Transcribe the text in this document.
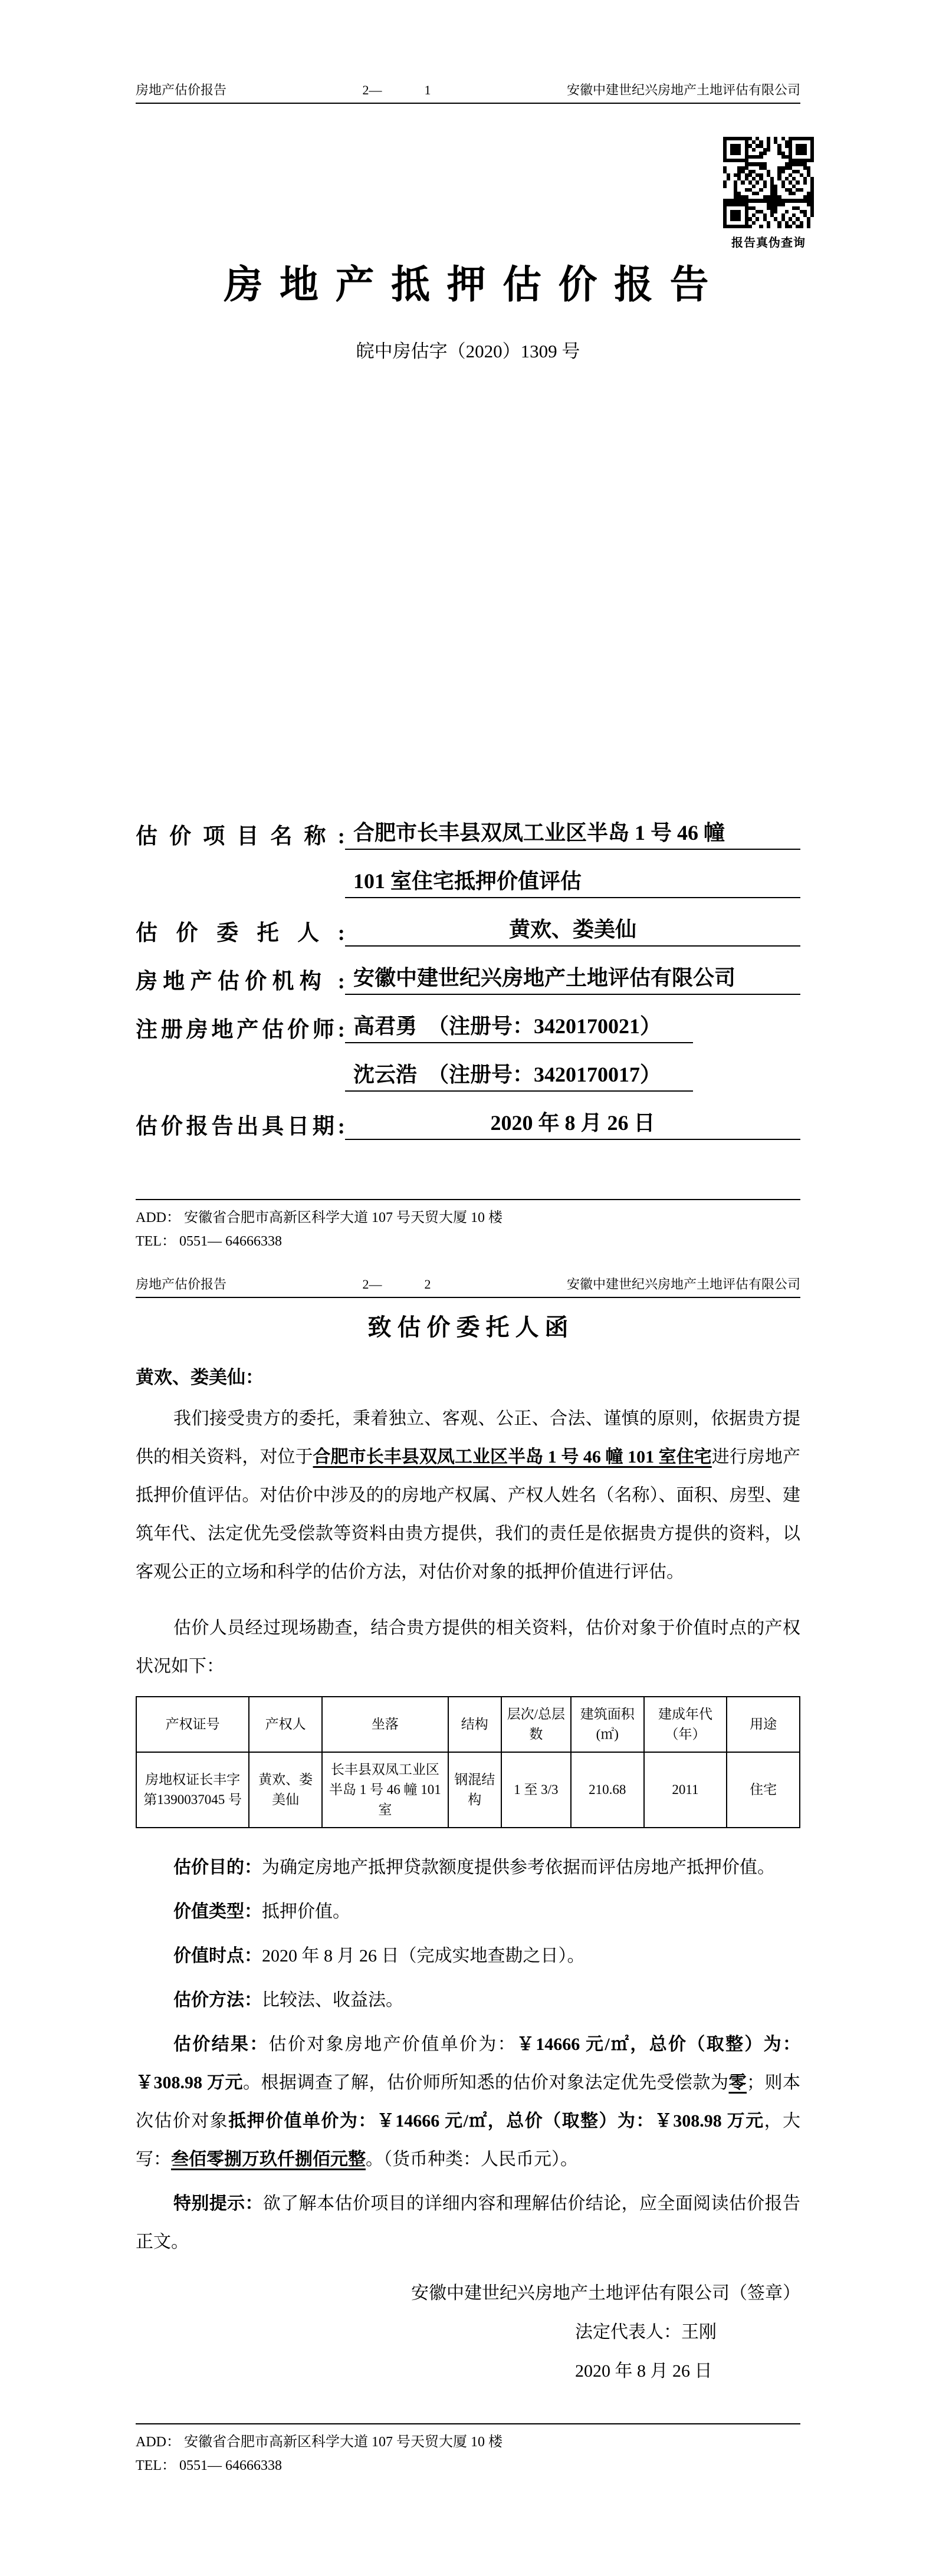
房地产估价报告	2—	1	安徽中建世纪兴房地产土地评估有限公司
房 地 产 抵 押 估 价 报 告
皖中房估字（2020）1309 号
估 价 项 目 名 称 : 合肥市长丰县双凤工业区半岛 1 号 46 幢
101 室住宅抵押价值评估
估 价 委 托 人 :	黄欢、娄美仙
房地产估价机构 : 安徽中建世纪兴房地产土地评估有限公司
注册房地产估价师: 高君勇　（注册号：3420170021）
沈云浩　（注册号：3420170017）
估价报告出具日期:	2020 年 8 月 26 日
ADD： 安徽省合肥市高新区科学大道 107 号天贸大厦 10 楼
TEL： 0551— 64666338
房地产估价报告	2—	2	安徽中建世纪兴房地产土地评估有限公司
致 估 价 委 托 人 函
黄欢、娄美仙：

我们接受贵方的委托，秉着独立、客观、公正、合法、谨慎的原则，依据贵方提供的相关资料，对位于合肥市长丰县双凤工业区半岛 1 号 46 幢 101 室住宅进行房地产抵押价值评估。对估价中涉及的的房地产权属、产权人姓名（名称）、面积、房型、建筑年代、法定优先受偿款等资料由贵方提供，我们的责任是依据贵方提供的资料，以客观公正的立场和科学的估价方法，对估价对象的抵押价值进行评估。

估价人员经过现场勘查，结合贵方提供的相关资料，估价对象于价值时点的产权状况如下：

产权证号	产权人	坐落	结构	层次/总层数	建筑面积(㎡)	建成年代（年）	用途
房地权证长丰字第1390037045 号	黄欢、娄美仙	长丰县双凤工业区半岛 1 号 46 幢 101 室	钢混结构	1 至 3/3	210.68	2011	住宅

估价目的：为确定房地产抵押贷款额度提供参考依据而评估房地产抵押价值。

价值类型：抵押价值。

价值时点：2020 年 8 月 26 日（完成实地查勘之日）。

估价方法：比较法、收益法。

估价结果：估价对象房地产价值单价为：￥14666 元/㎡，总价（取整）为：￥308.98 万元。根据调查了解，估价师所知悉的估价对象法定优先受偿款为零；则本次估价对象抵押价值单价为：￥14666 元/㎡，总价（取整）为：￥308.98 万元，大写：叁佰零捌万玖仟捌佰元整。（货币种类：人民币元）。

特别提示：欲了解本估价项目的详细内容和理解估价结论，应全面阅读估价报告正文。

安徽中建世纪兴房地产土地评估有限公司（签章）
法定代表人：王刚
2020 年 8 月 26 日
ADD： 安徽省合肥市高新区科学大道 107 号天贸大厦 10 楼
TEL： 0551— 64666338
报告真伪查询
